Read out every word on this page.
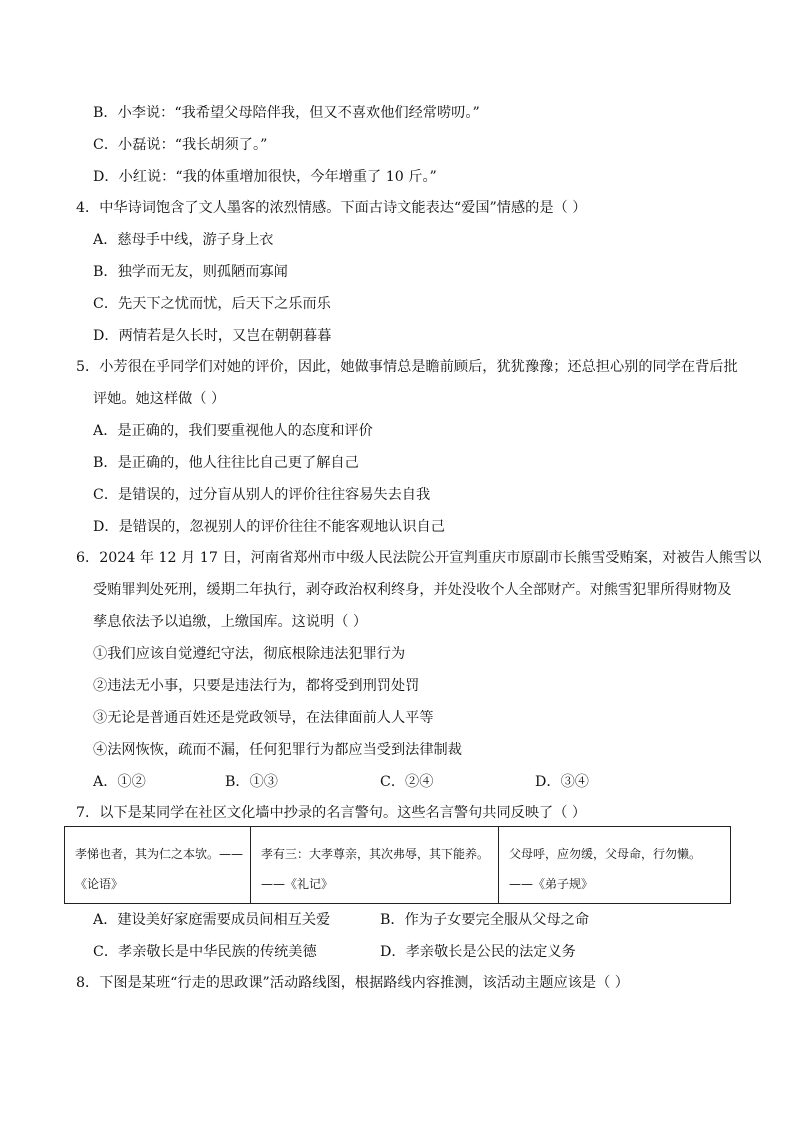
B．小李说：“我希望父母陪伴我，但又不喜欢他们经常唠叨。”
C．小磊说：“我长胡须了。”
D．小红说：“我的体重增加很快，今年增重了 10 斤。”
4．中华诗词饱含了文人墨客的浓烈情感。下面古诗文能表达“爱国”情感的是（ ）
A．慈母手中线，游子身上衣
B．独学而无友，则孤陋而寡闻
C．先天下之忧而忧，后天下之乐而乐
D．两情若是久长时，又岂在朝朝暮暮
5．小芳很在乎同学们对她的评价，因此，她做事情总是瞻前顾后，犹犹豫豫；还总担心别的同学在背后批
评她。她这样做（ ）
A．是正确的，我们要重视他人的态度和评价
B．是正确的，他人往往比自己更了解自己
C．是错误的，过分盲从别人的评价往往容易失去自我
D．是错误的，忽视别人的评价往往不能客观地认识自己
6．2024 年 12 月 17 日，河南省郑州市中级人民法院公开宣判重庆市原副市长熊雪受贿案，对被告人熊雪以
受贿罪判处死刑，缓期二年执行，剥夺政治权利终身，并处没收个人全部财产。对熊雪犯罪所得财物及
孳息依法予以追缴，上缴国库。这说明（ ）
①我们应该自觉遵纪守法，彻底根除违法犯罪行为
②违法无小事，只要是违法行为，都将受到刑罚处罚
③无论是普通百姓还是党政领导，在法律面前人人平等
④法网恢恢，疏而不漏，任何犯罪行为都应当受到法律制裁
A．①②	B．①③	C．②④	D．③④
7．以下是某同学在社区文化墙中抄录的名言警句。这些名言警句共同反映了（ ）
孝悌也者，其为仁之本欤。——《论语》	孝有三：大孝尊亲，其次弗辱，其下能养。——《礼记》	父母呼，应勿缓，父母命，行勿懒。——《弟子规》
A．建设美好家庭需要成员间相互关爱	B．作为子女要完全服从父母之命
C．孝亲敬长是中华民族的传统美德	D．孝亲敬长是公民的法定义务
8．下图是某班“行走的思政课”活动路线图，根据路线内容推测，该活动主题应该是（ ）
